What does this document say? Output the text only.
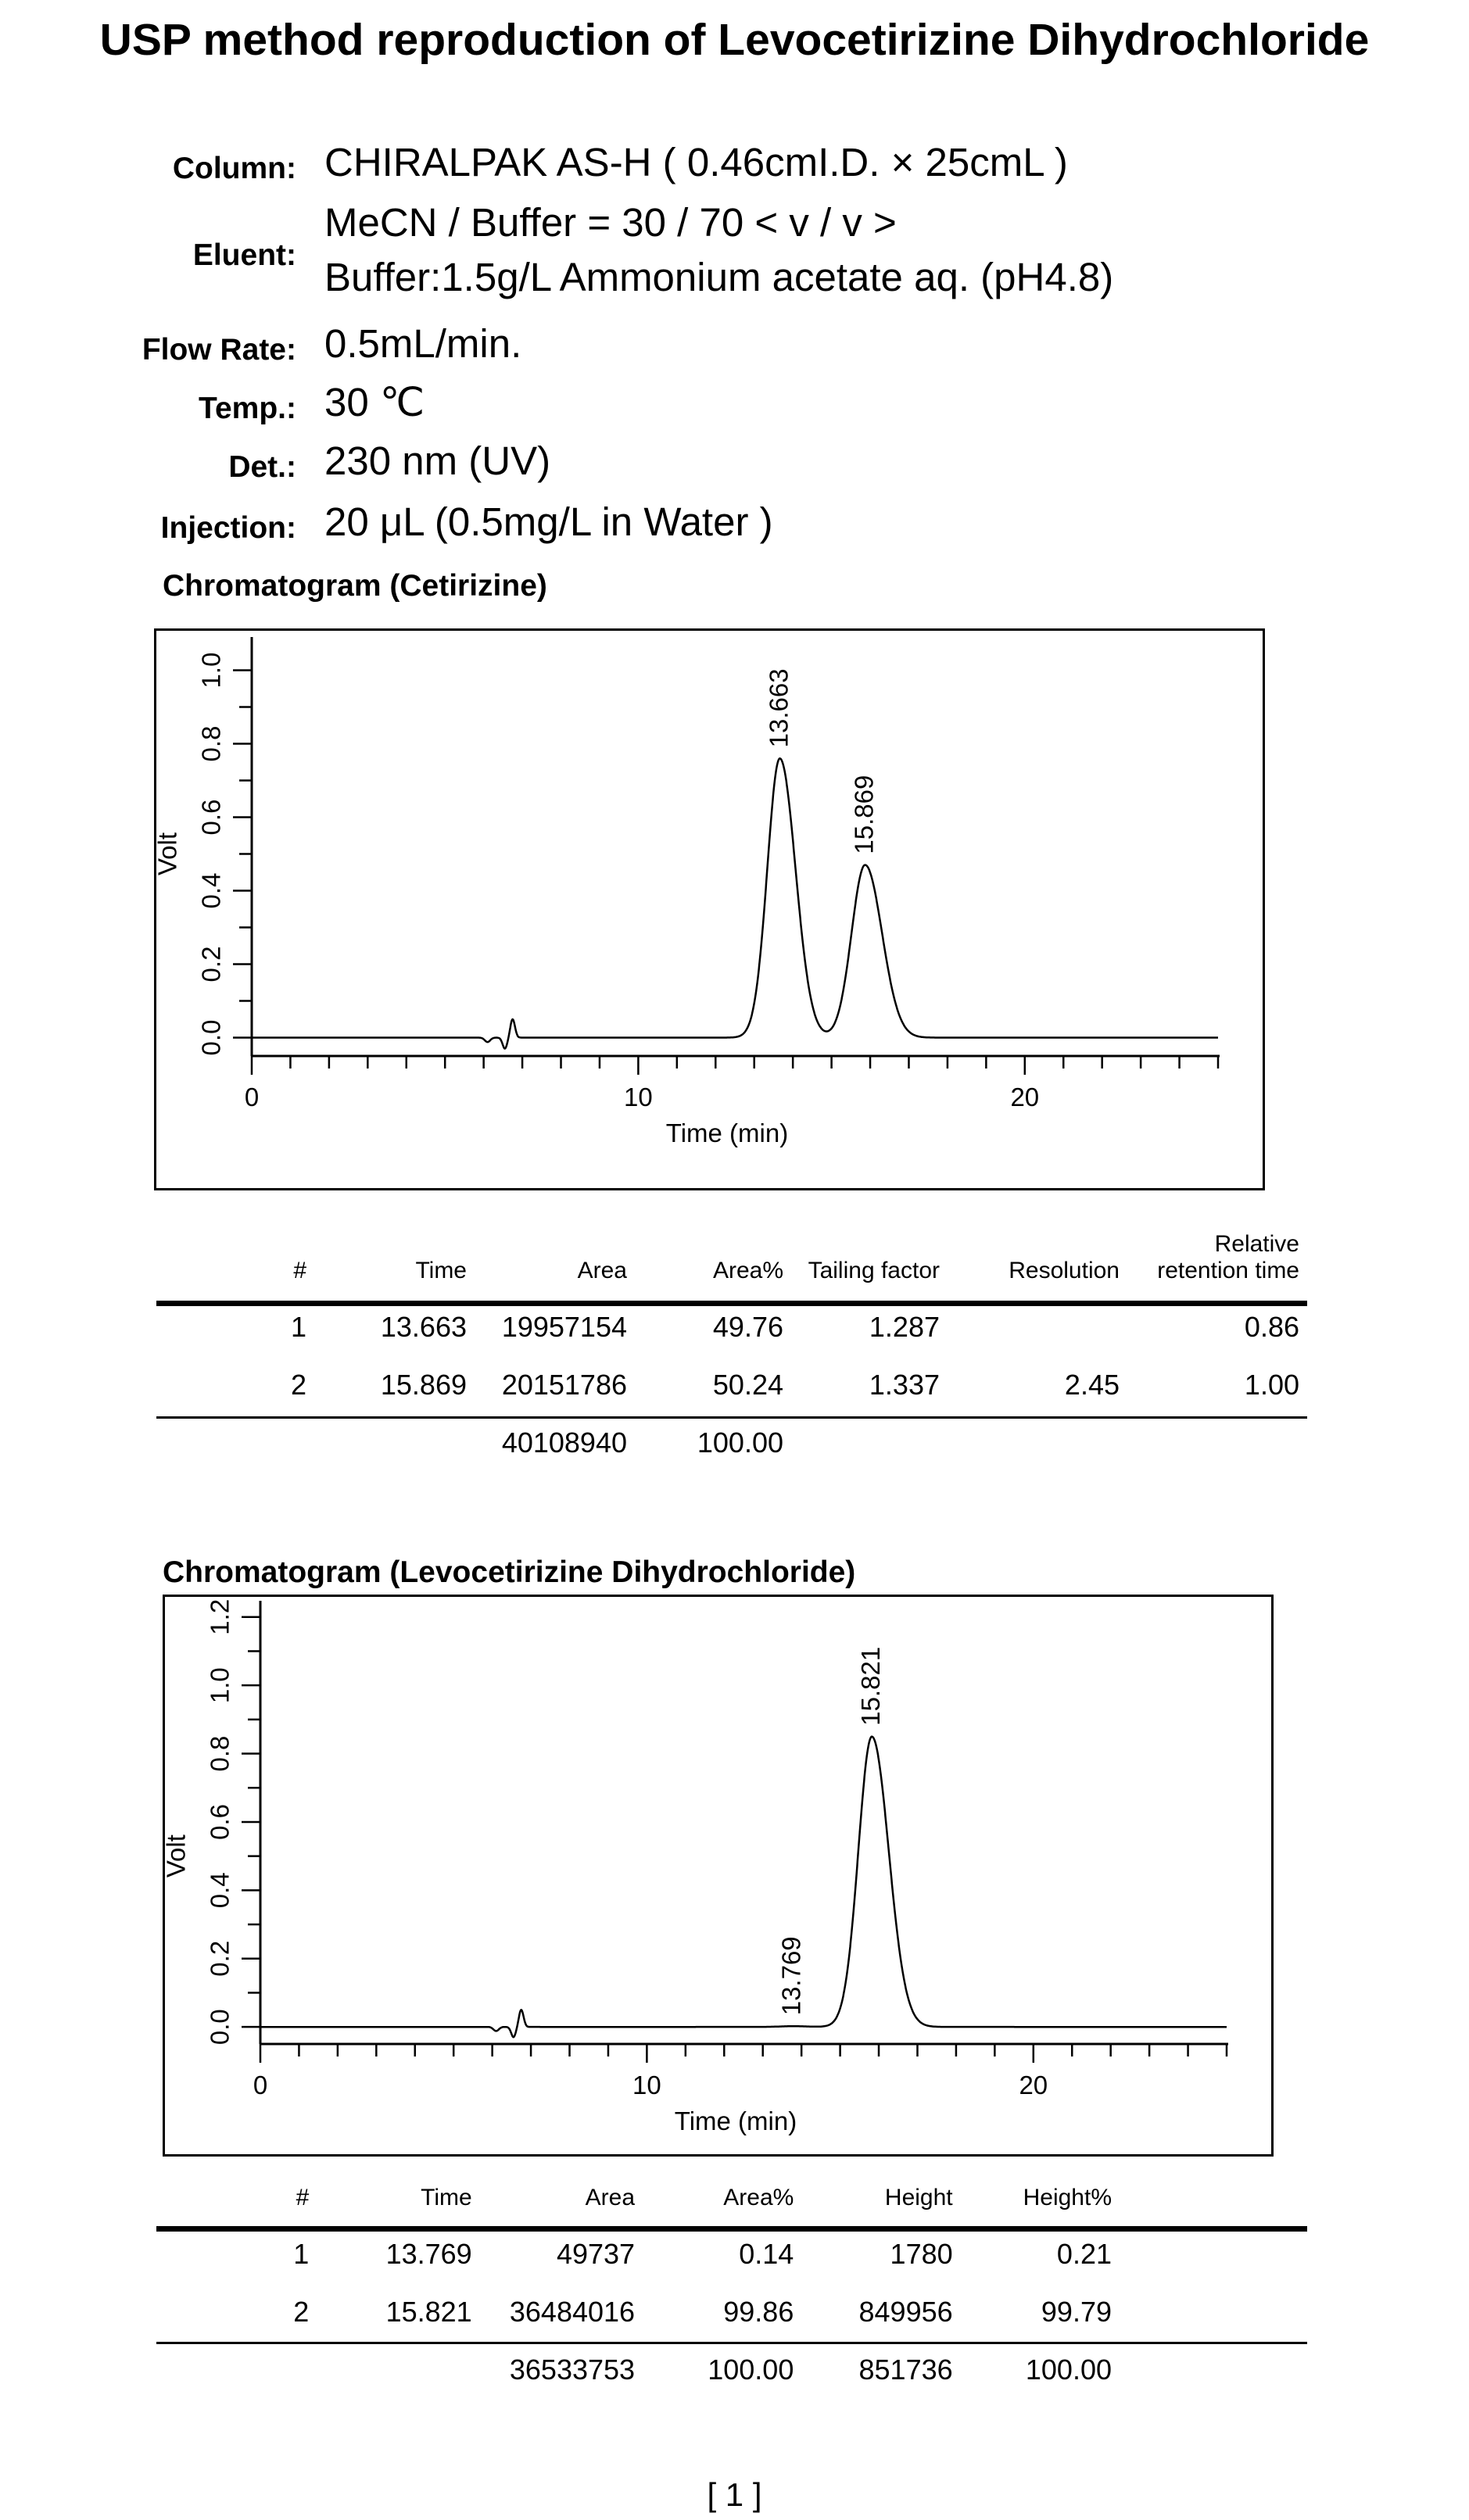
USP method reproduction of Levocetirizine Dihydrochloride
Column: CHIRALPAK AS-H ( 0.46cmI.D. × 25cmL )
Eluent:
MeCN / Buffer = 30 / 70 < v / v >
Buffer:1.5g/L Ammonium acetate aq. (pH4.8)
Flow Rate: 0.5mL/min.
Temp.: 30 ℃
Det.: 230 nm (UV)
Injection: 20 μL (0.5mg/L in Water )
Chromatogram (Cetirizine)
0	10	20
Time (min)
0.0
0.2
0.4
0.6
0.8
1.0
Volt
13.663
15.869
#	Time	Area	Area%	Tailing factor	Resolution	Relative
retention time
1	13.663	19957154	49.76	1.287		0.86
2	15.869	20151786	50.24	1.337	2.45	1.00
		40108940	100.00			
Chromatogram (Levocetirizine Dihydrochloride)
0	10	20
Time (min)
0.0
0.2
0.4
0.6
0.8
1.0
1.2
Volt
13.769
15.821
#	Time	Area	Area%	Height	Height%
1	13.769	49737	0.14	1780	0.21
2	15.821	36484016	99.86	849956	99.79
		36533753	100.00	851736	100.00
[ 1 ]
